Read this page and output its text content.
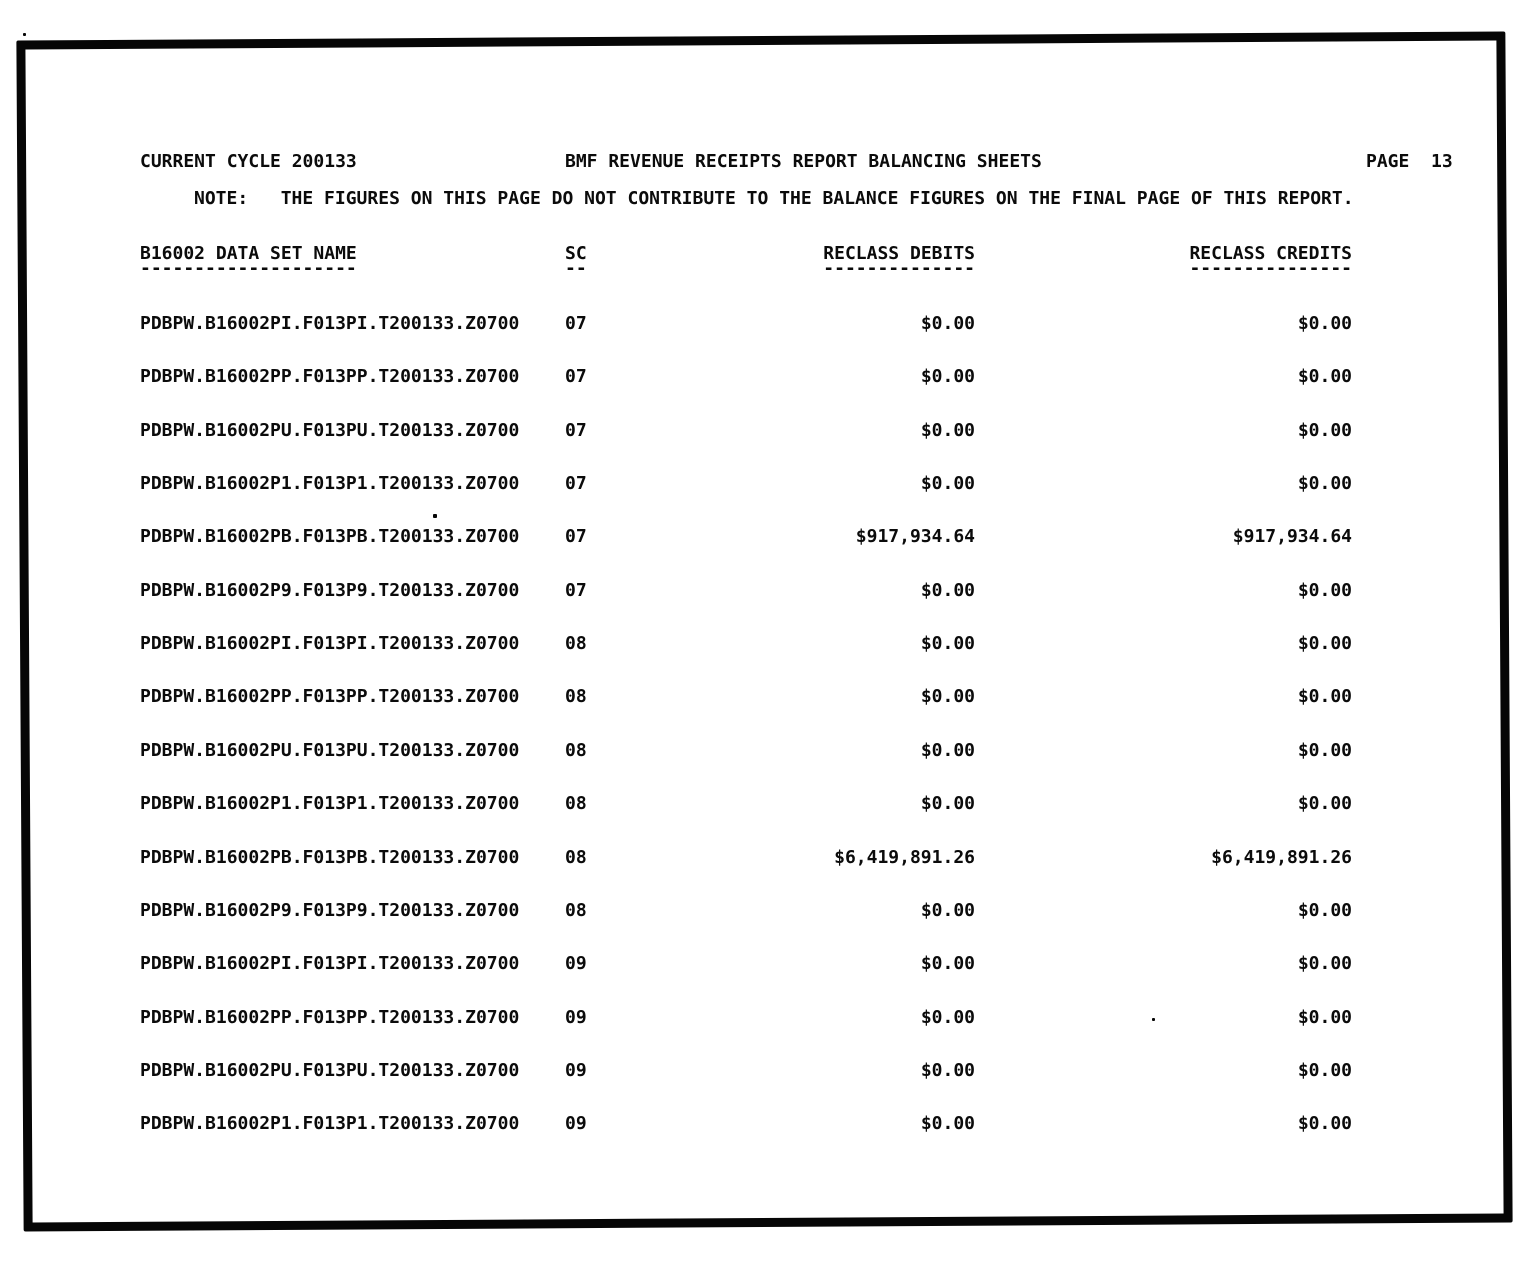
CURRENT CYCLE 200133	BMF REVENUE RECEIPTS REPORT BALANCING SHEETS	PAGE  13
NOTE:   THE FIGURES ON THIS PAGE DO NOT CONTRIBUTE TO THE BALANCE FIGURES ON THE FINAL PAGE OF THIS REPORT.
B16002 DATA SET NAME	SC	RECLASS DEBITS	RECLASS CREDITS
--------------------	--	--------------	---------------
PDBPW.B16002PI.F013PI.T200133.Z0700	07	$0.00	$0.00
PDBPW.B16002PP.F013PP.T200133.Z0700	07	$0.00	$0.00
PDBPW.B16002PU.F013PU.T200133.Z0700	07	$0.00	$0.00
PDBPW.B16002P1.F013P1.T200133.Z0700	07	$0.00	$0.00
PDBPW.B16002PB.F013PB.T200133.Z0700	07	$917,934.64	$917,934.64
PDBPW.B16002P9.F013P9.T200133.Z0700	07	$0.00	$0.00
PDBPW.B16002PI.F013PI.T200133.Z0700	08	$0.00	$0.00
PDBPW.B16002PP.F013PP.T200133.Z0700	08	$0.00	$0.00
PDBPW.B16002PU.F013PU.T200133.Z0700	08	$0.00	$0.00
PDBPW.B16002P1.F013P1.T200133.Z0700	08	$0.00	$0.00
PDBPW.B16002PB.F013PB.T200133.Z0700	08	$6,419,891.26	$6,419,891.26
PDBPW.B16002P9.F013P9.T200133.Z0700	08	$0.00	$0.00
PDBPW.B16002PI.F013PI.T200133.Z0700	09	$0.00	$0.00
PDBPW.B16002PP.F013PP.T200133.Z0700	09	$0.00	$0.00
PDBPW.B16002PU.F013PU.T200133.Z0700	09	$0.00	$0.00
PDBPW.B16002P1.F013P1.T200133.Z0700	09	$0.00	$0.00
